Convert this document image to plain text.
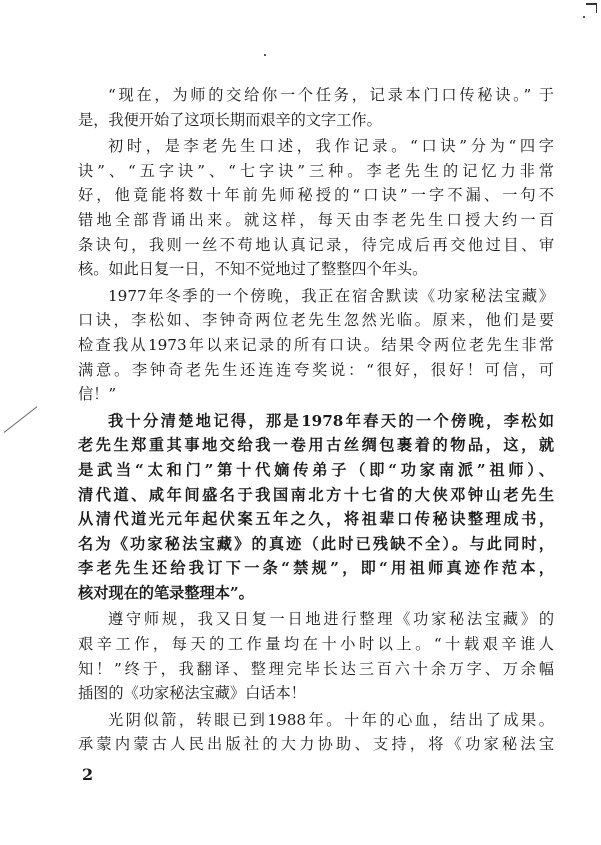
“现在，为师的交给你一个任务，记录本门口传秘诀。” 于
是，我便开始了这项长期而艰辛的文字工作。
初时，是李老先生口述，我作记录。“口诀”分为“四字
诀”、“五字诀”、“七字诀”三种。李老先生的记忆力非常
好，他竟能将数十年前先师秘授的“口诀”一字不漏、一句不
错地全部背诵出来。就这样，每天由李老先生口授大约一百
条诀句，我则一丝不苟地认真记录，待完成后再交他过目、审
核。如此日复一日，不知不觉地过了整整四个年头。
1977年冬季的一个傍晚，我正在宿舍默读《功家秘法宝藏》
口诀，李松如、李钟奇两位老先生忽然光临。原来，他们是要
检查我从1973年以来记录的所有口诀。结果令两位老先生非常
满意。李钟奇老先生还连连夸奖说：“很好，很好！可信，可
信！”
我十分清楚地记得，那是1978年春天的一个傍晚，李松如
老先生郑重其事地交给我一卷用古丝绸包裹着的物品，这，就
是武当“太和门”第十代嫡传弟子（即“功家南派”祖师）、
清代道、咸年间盛名于我国南北方十七省的大侠邓钟山老先生
从清代道光元年起伏案五年之久，将祖辈口传秘诀整理成书，
名为《功家秘法宝藏》的真迹（此时已残缺不全）。与此同时，
李老先生还给我订下一条“禁规”，即“用祖师真迹作范本，
核对现在的笔录整理本”。
遵守师规，我又日复一日地进行整理《功家秘法宝藏》的
艰辛工作，每天的工作量均在十小时以上。“十载艰辛谁人
知！”终于，我翻译、整理完毕长达三百六十余万字、万余幅
插图的《功家秘法宝藏》白话本！
光阴似箭，转眼已到1988年。十年的心血，结出了成果。
承蒙内蒙古人民出版社的大力协助、支持，将《功家秘法宝
2
